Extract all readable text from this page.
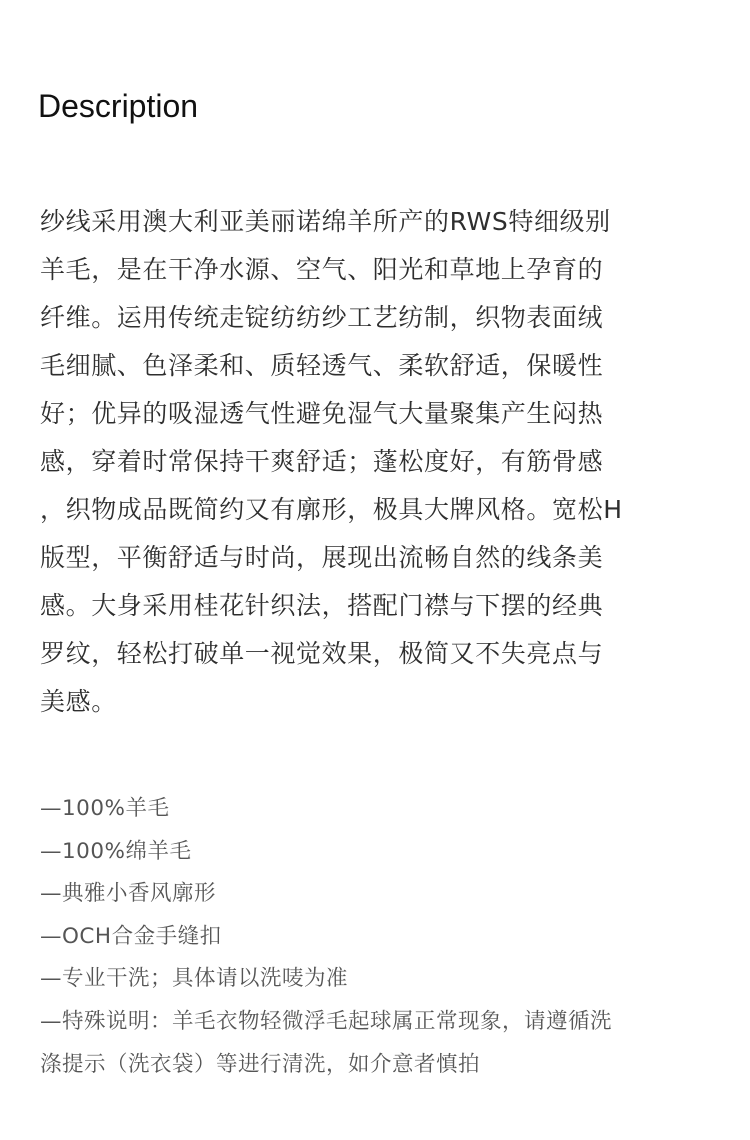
Description
纱线采用澳大利亚美丽诺绵羊所产的RWS特细级别
羊毛，是在干净水源、空气、阳光和草地上孕育的
纤维。运用传统走锭纺纺纱工艺纺制，织物表面绒
毛细腻、色泽柔和、质轻透气、柔软舒适，保暖性
好；优异的吸湿透气性避免湿气大量聚集产生闷热
感，穿着时常保持干爽舒适；蓬松度好，有筋骨感
，织物成品既简约又有廓形，极具大牌风格。宽松H
版型，平衡舒适与时尚，展现出流畅自然的线条美
感。大身采用桂花针织法，搭配门襟与下摆的经典
罗纹，轻松打破单一视觉效果，极简又不失亮点与
美感。
—100%羊毛
—100%绵羊毛
—典雅小香风廓形
—OCH合金手缝扣
—专业干洗；具体请以洗唛为准
—特殊说明：羊毛衣物轻微浮毛起球属正常现象，请遵循洗
涤提示（洗衣袋）等进行清洗，如介意者慎拍
